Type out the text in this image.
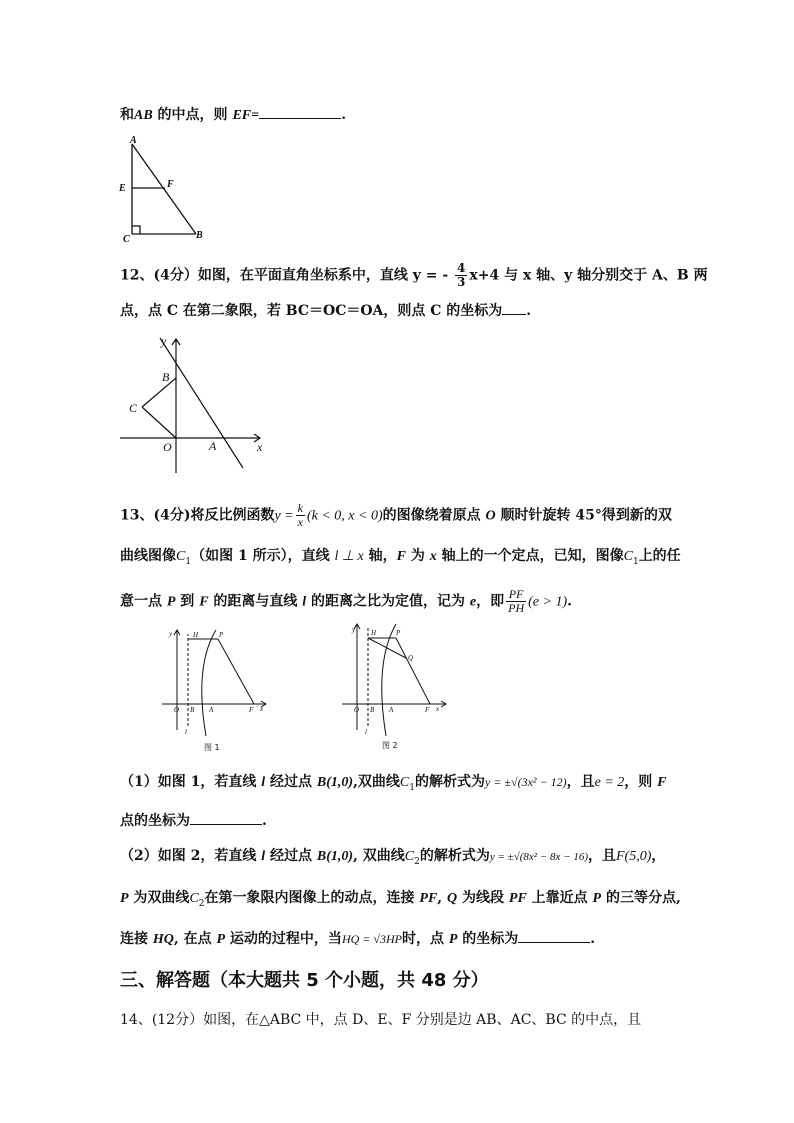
和AB 的中点，则 EF=	.
A
E	F
C	B
12、(4分）如图，在平面直角坐标系中，直线 y = - $\frac{4}{3} x+4$ 与 x 轴、y 轴分别交于 A、B 两
点，点 C 在第二象限，若 BC＝OC＝OA，则点 C 的坐标为 .
y
B
C
O	A	x
13、(4分)将反比例函数$y = \frac{k}{x} (k < 0$, x < 0)的图像绕着原点 O 顺时针旋转 45°得到新的双
曲线图像$C_1$（如图 1 所示），直线 l ⊥ x 轴，F 为 x 轴上的一个定点，已知，图像$C_1$上的任
意一点 P 到 F 的距离与直线 l 的距离之比为定值，记为 e，即 $\frac{PF}{PH} (e > 1)$.
y	H	P
O B A	F x
l
图 1
y H	P
Q
O B A	F x
l
图 2
（1）如图 1，若直线 l 经过点 B(1,0),双曲线$C_1$的解析式为y = ±√(3x² − 12)，且e = 2，则 F
点的坐标为	.
（2）如图 2，若直线 l 经过点 B(1,0), 双曲线$C_2$的解析式为y = ±√(8x² − 8x − 16)，且F(5,0)，
P 为双曲线$C_2$在第一象限内图像上的动点，连接 PF, Q 为线段 PF 上靠近点 P 的三等分点,
连接 HQ, 在点 P 运动的过程中，当HQ = √3HP时，点 P 的坐标为	.
三、解答题（本大题共 5 个小题，共 48 分）
14、(12分）如图，在△ABC 中，点 D、E、F 分别是边 AB、AC、BC 的中点，且
